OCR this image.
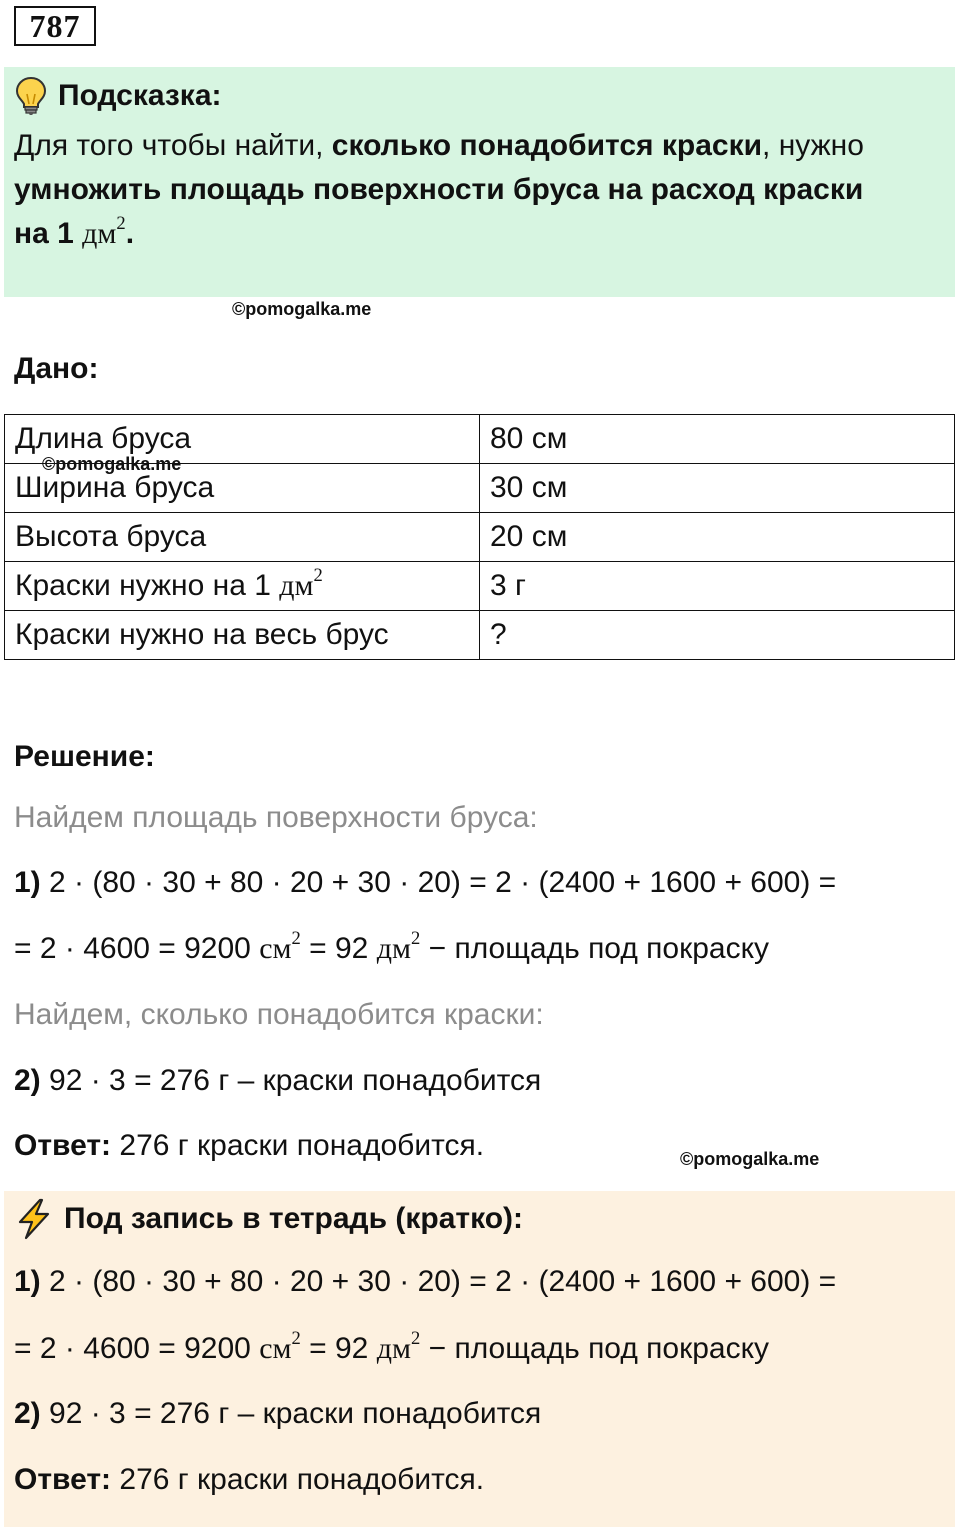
787
Подсказка:
Для того чтобы найти, сколько понадобится краски, нужно
умножить площадь поверхности бруса на расход краски
на 1 $дм^2$.
©pomogalka.me
Дано:
Длина бруса	80 см
Ширина бруса	30 см
Высота бруса	20 см
Краски нужно на 1 $дм^2$	3 г
Краски нужно на весь брус	?
©pomogalka.me
Решение:
Найдем площадь поверхности бруса:
1) 2 · (80 · 30 + 80 · 20 + 30 · 20) = 2 · (2400 + 1600 + 600) =
= 2 · 4600 = 9200 $см^2 = 92$ $дм^2$ − площадь под покраску
Найдем, сколько понадобится краски:
2) 92 · 3 = 276 г – краски понадобится
Ответ: 276 г краски понадобится.	©pomogalka.me
Под запись в тетрадь (кратко):
1) 2 · (80 · 30 + 80 · 20 + 30 · 20) = 2 · (2400 + 1600 + 600) =
= 2 · 4600 = 9200 $см^2 = 92$ $дм^2$ − площадь под покраску
2) 92 · 3 = 276 г – краски понадобится
Ответ: 276 г краски понадобится.
